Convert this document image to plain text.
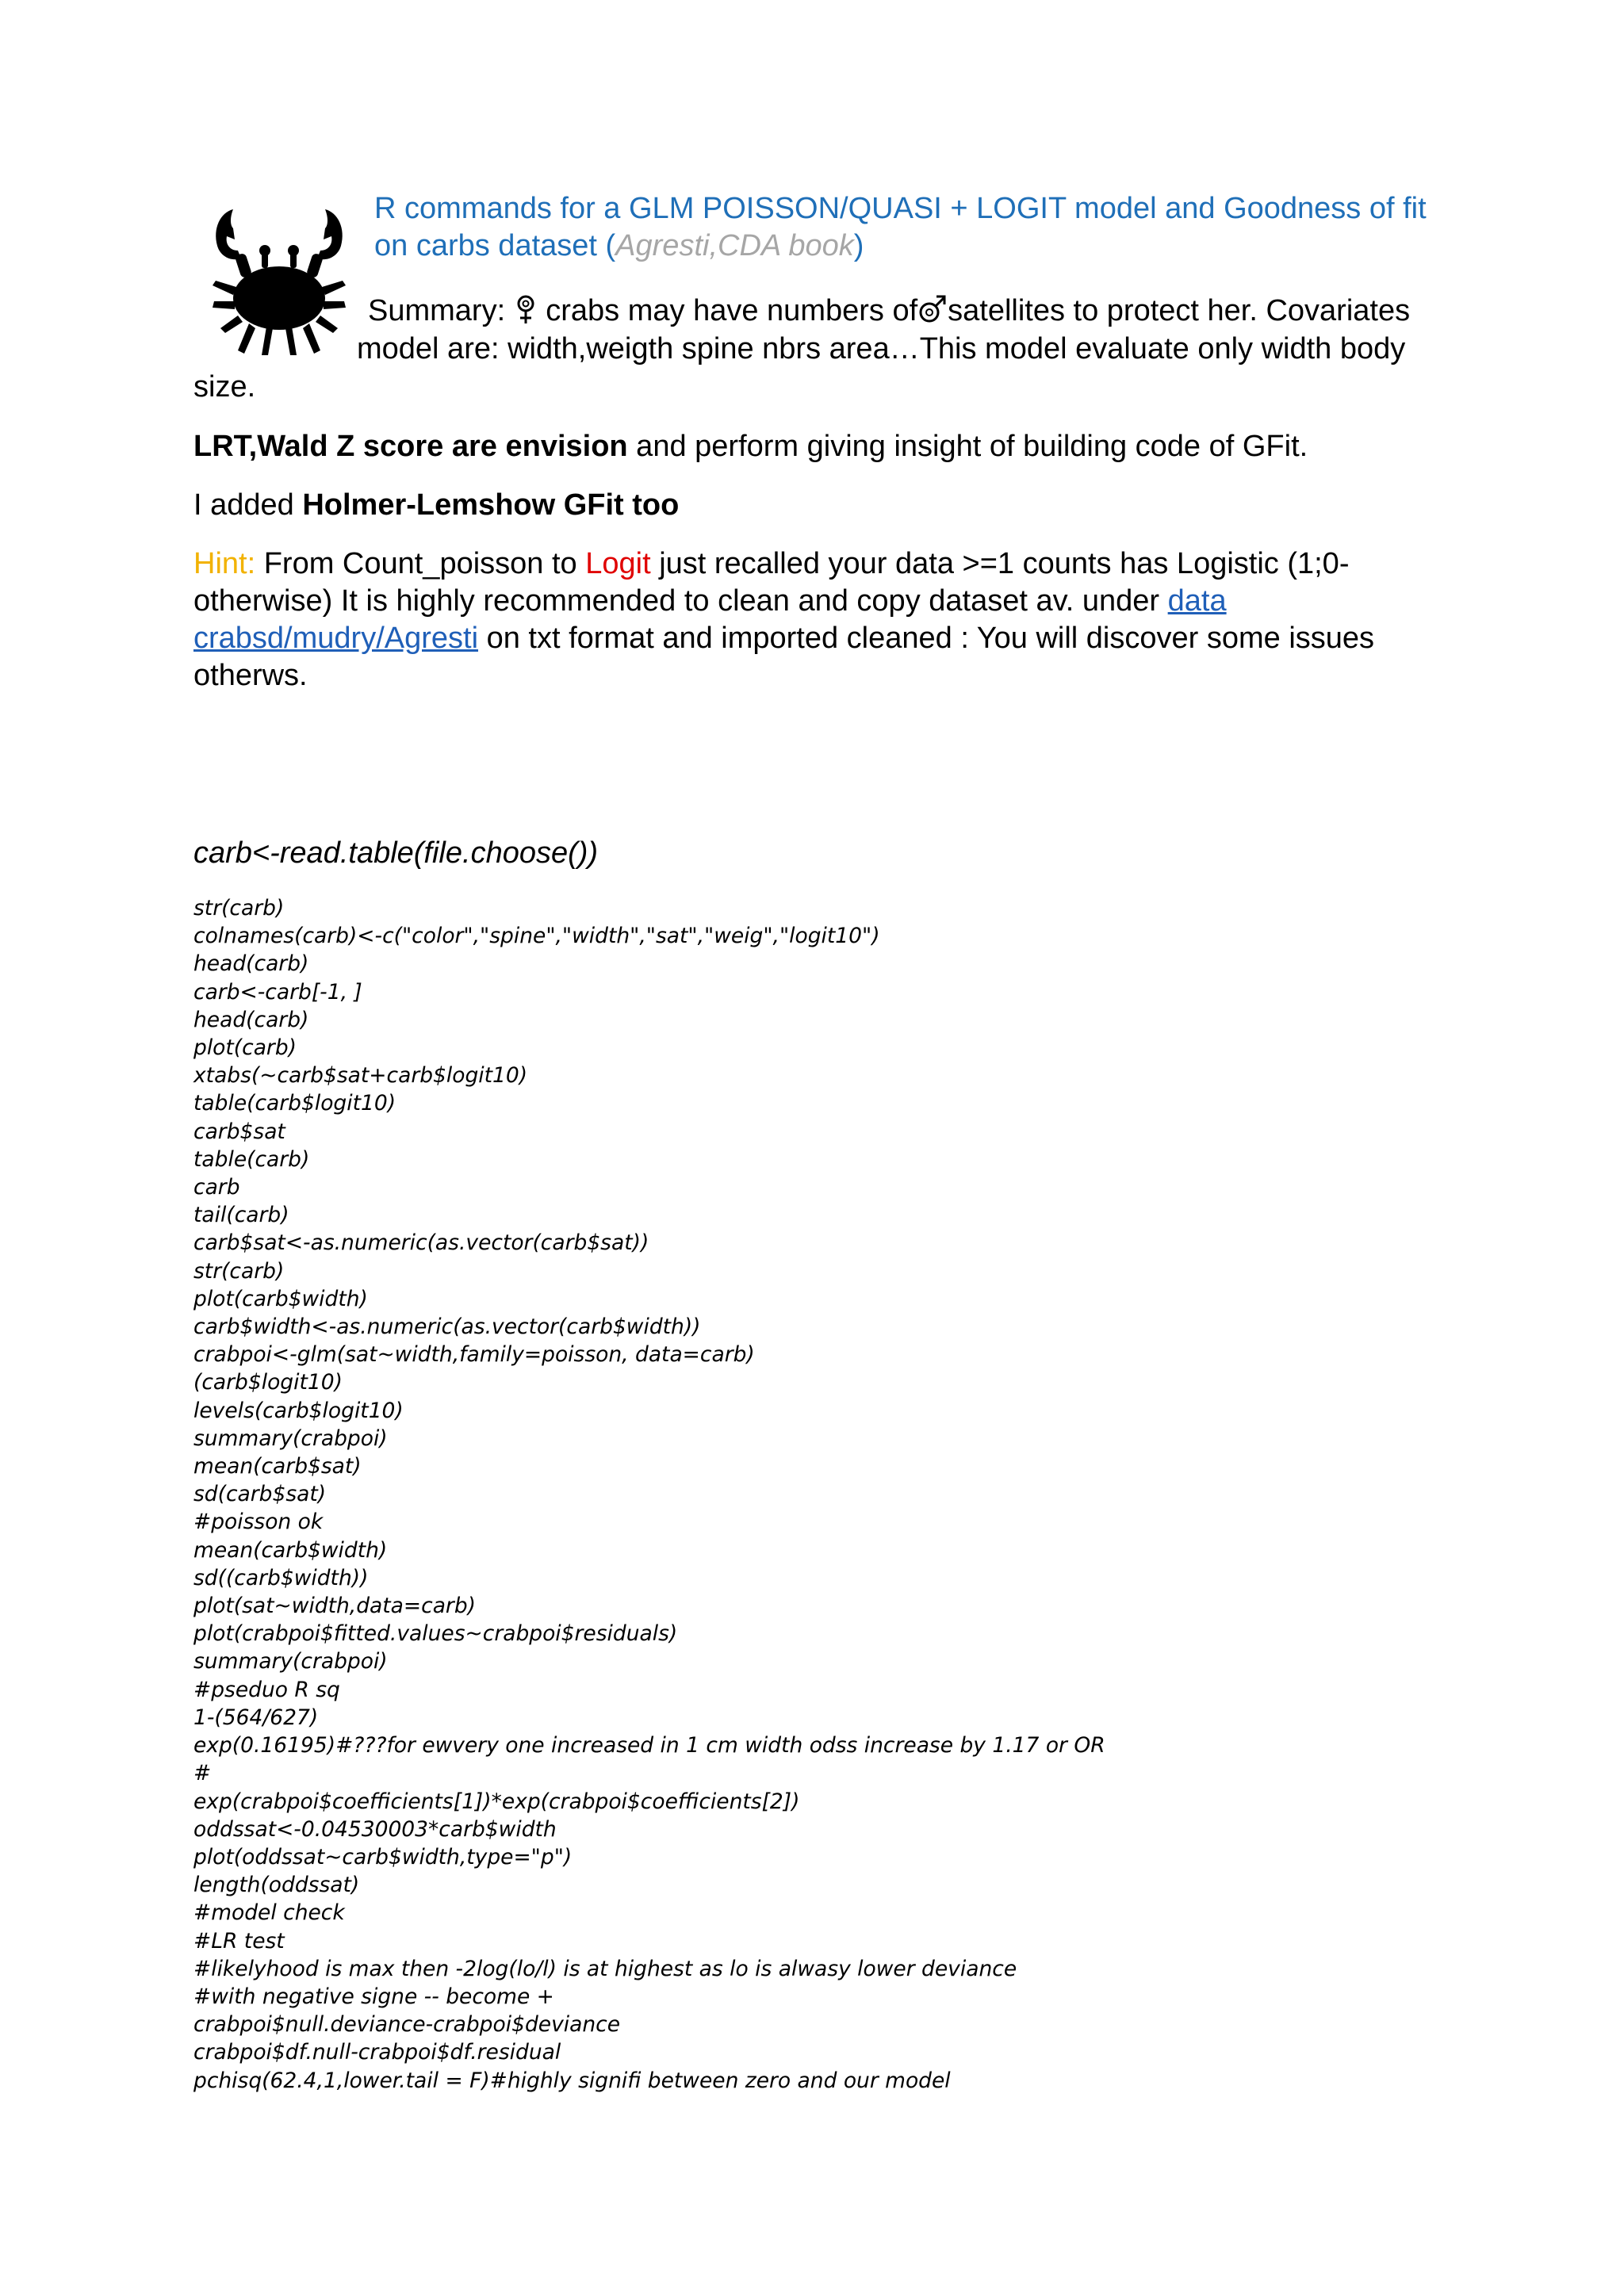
R commands for a GLM POISSON/QUASI + LOGIT model and Goodness of fit on carbs dataset (Agresti,CDA book)

Summary:  crabs may have numbers of satellites to protect her. Covariates

model are: width,weigth spine nbrs area…This model evaluate only width body

size.

LRT,Wald Z score are envision and perform giving insight of building code of GFit.

I added Holmer-Lemshow GFit too

Hint: From Count_poisson to Logit just recalled your data >=1 counts has Logistic (1;0-otherwise) It is highly recommended to clean and copy dataset av. under data crabsd/mudry/Agresti on txt format and imported cleaned : You will discover some issues otherws.

carb<-read.table(file.choose())
str(carb)
colnames(carb)<-c("color","spine","width","sat","weig","logit10")
head(carb)
carb<-carb[-1, ]
head(carb)
plot(carb)
xtabs(~carb$sat+carb$logit10)
table(carb$logit10)
carb$sat
table(carb)
carb
tail(carb)
carb$sat<-as.numeric(as.vector(carb$sat))
str(carb)
plot(carb$width)
carb$width<-as.numeric(as.vector(carb$width))
crabpoi<-glm(sat~width,family=poisson, data=carb)
(carb$logit10)
levels(carb$logit10)
summary(crabpoi)
mean(carb$sat)
sd(carb$sat)
#poisson ok
mean(carb$width)
sd((carb$width))
plot(sat~width,data=carb)
plot(crabpoi$fitted.values~crabpoi$residuals)
summary(crabpoi)
#pseduo R sq
1-(564/627)
exp(0.16195)#???for ewvery one increased in 1 cm width odss increase by 1.17 or OR
#
exp(crabpoi$coefficients[1])*exp(crabpoi$coefficients[2])
oddssat<-0.04530003*carb$width
plot(oddssat~carb$width,type="p")
length(oddssat)
#model check
#LR test
#likelyhood is max then -2log(lo/l) is at highest as lo is alwasy lower deviance
#with negative signe -- become +
crabpoi$null.deviance-crabpoi$deviance
crabpoi$df.null-crabpoi$df.residual
pchisq(62.4,1,lower.tail = F)#highly signifi between zero and our model
